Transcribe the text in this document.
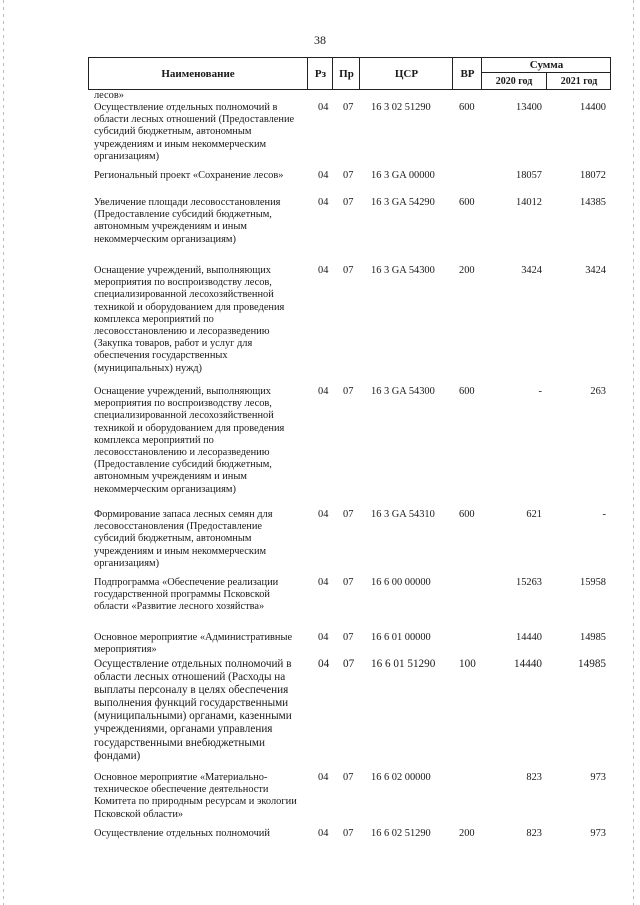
38
Наименование	Рз	Пр	ЦСР	ВР
Сумма
2020 год	2021 год
лесов»
Осуществление отдельных полномочий в области лесных отношений (Предоставление субсидий бюджетным, автономным учреждениям и иным некоммерческим организациям)
04	07	16 3 02 51290	600	13400	14400
Региональный проект «Сохранение лесов»	04	07	16 3 GA 00000	18057	18072
Увеличение площади лесовосстановления (Предоставление субсидий бюджетным, автономным учреждениям и иным некоммерческим организациям)
04	07	16 3 GA 54290	600	14012	14385
Оснащение учреждений, выполняющих мероприятия по воспроизводству лесов, специализированной лесохозяйственной техникой и оборудованием для проведения комплекса мероприятий по лесовосстановлению и лесоразведению (Закупка товаров, работ и услуг для обеспечения государственных (муниципальных) нужд)
04	07	16 3 GA 54300	200	3424	3424
Оснащение учреждений, выполняющих мероприятия по воспроизводству лесов, специализированной лесохозяйственной техникой и оборудованием для проведения комплекса мероприятий по лесовосстановлению и лесоразведению (Предоставление субсидий бюджетным, автономным учреждениям и иным некоммерческим организациям)
04	07	16 3 GA 54300	600	-	263
Формирование запаса лесных семян для лесовосстановления (Предоставление субсидий бюджетным, автономным учреждениям и иным некоммерческим организациям)
04	07	16 3 GA 54310	600	621	-
Подпрограмма «Обеспечение реализации государственной программы Псковской области «Развитие лесного хозяйства»
04	07	16 6 00 00000	15263	15958
Основное мероприятие «Административные мероприятия»
04	07	16 6 01 00000	14440	14985
Осуществление отдельных полномочий в области лесных отношений (Расходы на выплаты персоналу в целях обеспечения выполнения функций государственными (муниципальными) органами, казенными учреждениями, органами управления государственными внебюджетными фондами)
04 07 16 6 01 51290	100	14440	14985
Основное мероприятие «Материально-техническое обеспечение деятельности Комитета по природным ресурсам и экологии Псковской области»
04	07	16 6 02 00000	823	973
Осуществление отдельных полномочий	04	07	16 6 02 51290	200	823	973
